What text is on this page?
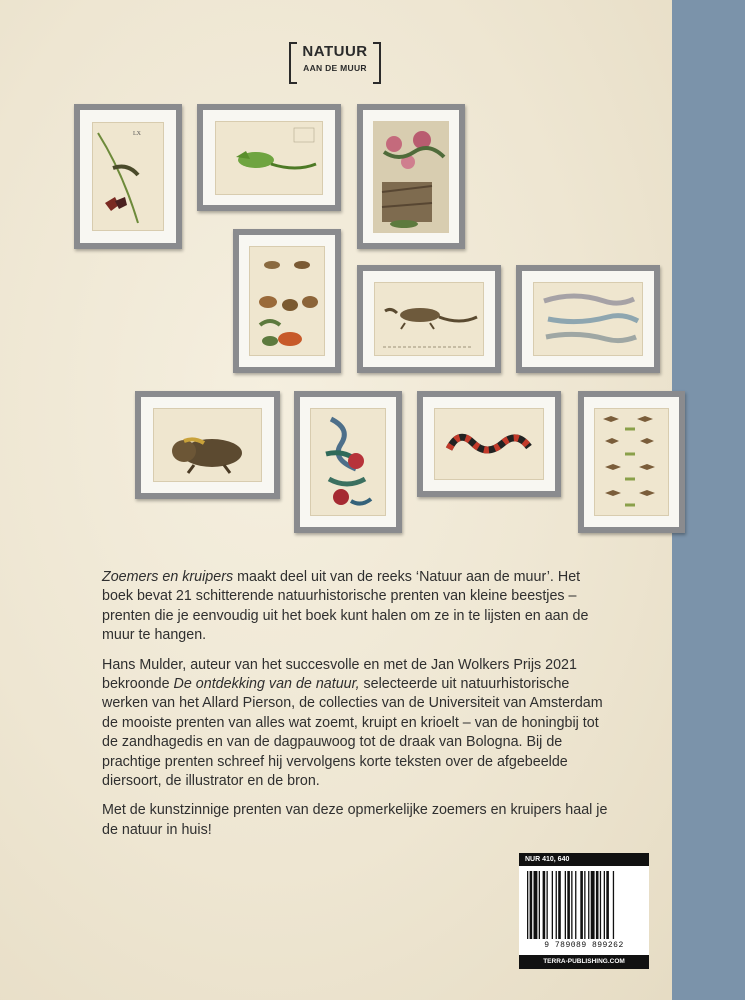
NATUUR
AAN DE MUUR
LX

Zoemers en kruipers maakt deel uit van de reeks ‘Natuur aan de muur’. Het boek bevat 21 schitterende natuurhistorische prenten van kleine beestjes – prenten die je eenvoudig uit het boek kunt halen om ze in te lijsten en aan de muur te hangen.

Hans Mulder, auteur van het succesvolle en met de Jan Wolkers Prijs 2021 bekroonde De ontdekking van de natuur, selecteerde uit natuurhistorische werken van het Allard Pierson, de collecties van de Universiteit van Amsterdam de mooiste prenten van alles wat zoemt, kruipt en krioelt – van de honingbij tot de zandhagedis en van de dagpauwoog tot de draak van Bologna. Bij de prachtige prenten schreef hij vervolgens korte teksten over de afgebeelde diersoort, de illustrator en de bron.

Met de kunstzinnige prenten van deze opmerkelijke zoemers en kruipers haal je de natuur in huis!

NUR 410, 640
9 789089 899262
TERRA-PUBLISHING.COM
